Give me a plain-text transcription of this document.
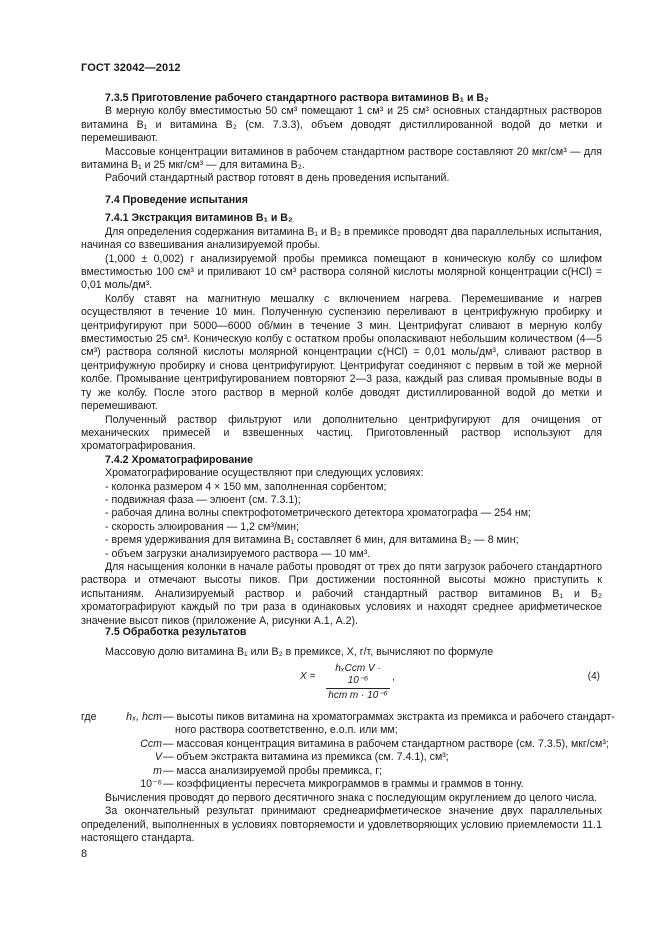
ГОСТ 32042—2012

7.3.5 Приготовление рабочего стандартного раствора витаминов B₁ и B₂

В мерную колбу вместимостью 50 см³ помещают 1 см³ и 25 см³ основных стандартных растворов витамина B₁ и витамина B₂ (см. 7.3.3), объем доводят дистиллированной водой до метки и перемешивают.

Массовые концентрации витаминов в рабочем стандартном растворе составляют 20 мкг/см³ — для витамина B₁ и 25 мкг/см³ — для витамина B₂.

Рабочий стандартный раствор готовят в день проведения испытаний.

7.4 Проведение испытания

7.4.1 Экстракция витаминов B₁ и B₂

Для определения содержания витамина B₁ и B₂ в премиксе проводят два параллельных испытания, начиная со взвешивания анализируемой пробы.

(1,000 ± 0,002) г анализируемой пробы премикса помещают в коническую колбу со шлифом вместимостью 100 см³ и приливают 10 см³ раствора соляной кислоты молярной концентрации c(HCl) = 0,01 моль/дм³.

Колбу ставят на магнитную мешалку с включением нагрева. Перемешивание и нагрев осуществляют в течение 10 мин. Полученную суспензию переливают в центрифужную пробирку и центрифугируют при 5000—6000 об/мин в течение 3 мин. Центрифугат сливают в мерную колбу вместимостью 25 см³. Коническую колбу с остатком пробы ополаскивают небольшим количеством (4—5 см³) раствора соляной кислоты молярной концентрации c(HCl) = 0,01 моль/дм³, сливают раствор в центрифужную пробирку и снова центрифугируют. Центрифугат соединяют с первым в той же мерной колбе. Промывание центрифугированием повторяют 2—3 раза, каждый раз сливая промывные воды в ту же колбу. После этого раствор в мерной колбе доводят дистиллированной водой до метки и перемешивают.

Полученный раствор фильтруют или дополнительно центрифугируют для очищения от механических примесей и взвешенных частиц. Приготовленный раствор используют для хроматографирования.

7.4.2 Хроматографирование

Хроматографирование осуществляют при следующих условиях:

- колонка размером 4 × 150 мм, заполненная сорбентом;

- подвижная фаза — элюент (см. 7.3.1);

- рабочая длина волны спектрофотометрического детектора хроматографа — 254 нм;

- скорость элюирования — 1,2 см³/мин;

- время удерживания для витамина B₁ составляет 6 мин, для витамина B₂ — 8 мин;

- объем загрузки анализируемого раствора — 10 мм³.

Для насыщения колонки в начале работы проводят от трех до пяти загрузок рабочего стандартного раствора и отмечают высоты пиков. При достижении постоянной высоты можно приступить к испытаниям. Анализируемый раствор и рабочий стандартный раствор витаминов B₁ и B₂ хроматографируют каждый по три раза в одинаковых условиях и находят среднее арифметическое значение высот пиков (приложение А, рисунки А.1, А.2).

7.5 Обработка результатов

Массовую долю витамина B₁ или B₂ в премиксе, X, г/т, вычисляют по формуле

X =
hₓCст V · 10⁻⁶
hст m · 10⁻⁶
,	(4)
где	hₓ, hст — высоты пиков витамина на хроматограммах экстракта из премикса и рабочего стандарт-
ного раствора соответственно, е.о.п. или мм;
Cст — массовая концентрация витамина в рабочем стандартном растворе (см. 7.3.5), мкг/см³;
V — объем экстракта витамина из премикса (см. 7.4.1), см³;
m — масса анализируемой пробы премикса, г;
10⁻⁶ — коэффициенты пересчета микрограммов в граммы и граммов в тонну.

Вычисления проводят до первого десятичного знака с последующим округлением до целого числа.

За окончательный результат принимают среднеарифметическое значение двух параллельных определений, выполненных в условиях повторяемости и удовлетворяющих условию приемлемости 11.1 настоящего стандарта.

8
